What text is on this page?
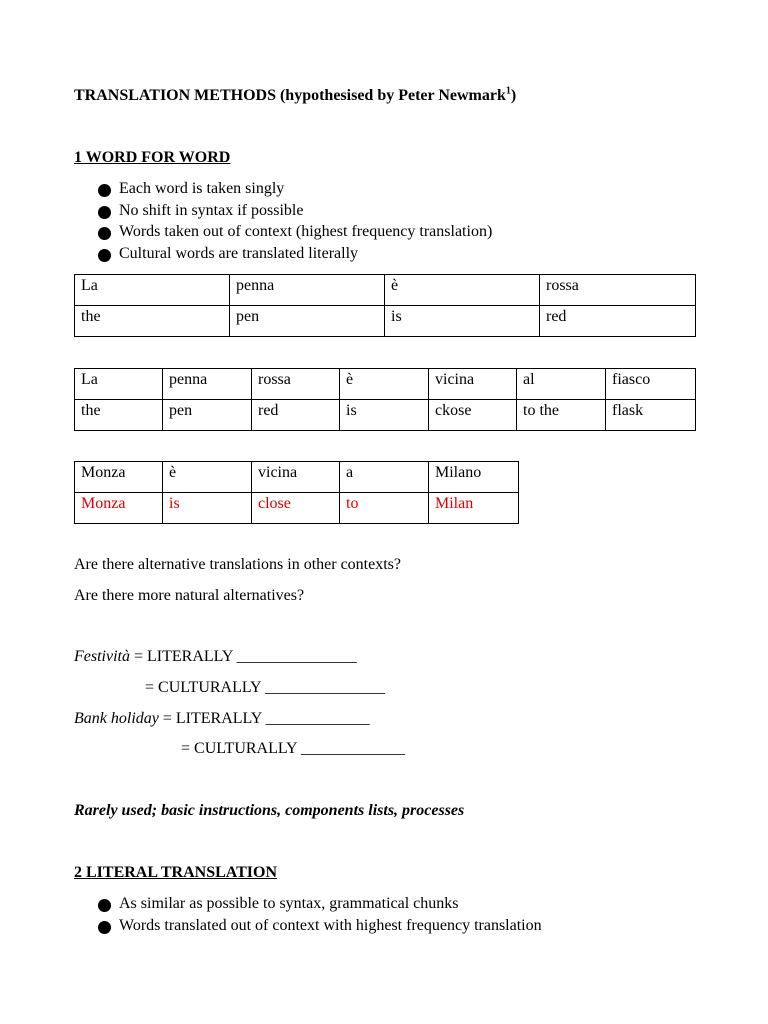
TRANSLATION METHODS (hypothesised by Peter Newmark$^1$)
1 WORD FOR WORD
Each word is taken singly
No shift in syntax if possible
Words taken out of context (highest frequency translation)
Cultural words are translated literally
La	penna	è	rossa
the	pen	is	red
La	penna	rossa	è	vicina	al	fiasco
the	pen	red	is	ckose	to the	flask
Monza	è	vicina	a	Milano
Monza	is	close	to	Milan
Are there alternative translations in other contexts?
Are there more natural alternatives?
Festività = LITERALLY _______________
= CULTURALLY _______________
Bank holiday = LITERALLY _____________
= CULTURALLY _____________
Rarely used; basic instructions, components lists, processes
2 LITERAL TRANSLATION
As similar as possible to syntax, grammatical chunks
Words translated out of context with highest frequency translation
